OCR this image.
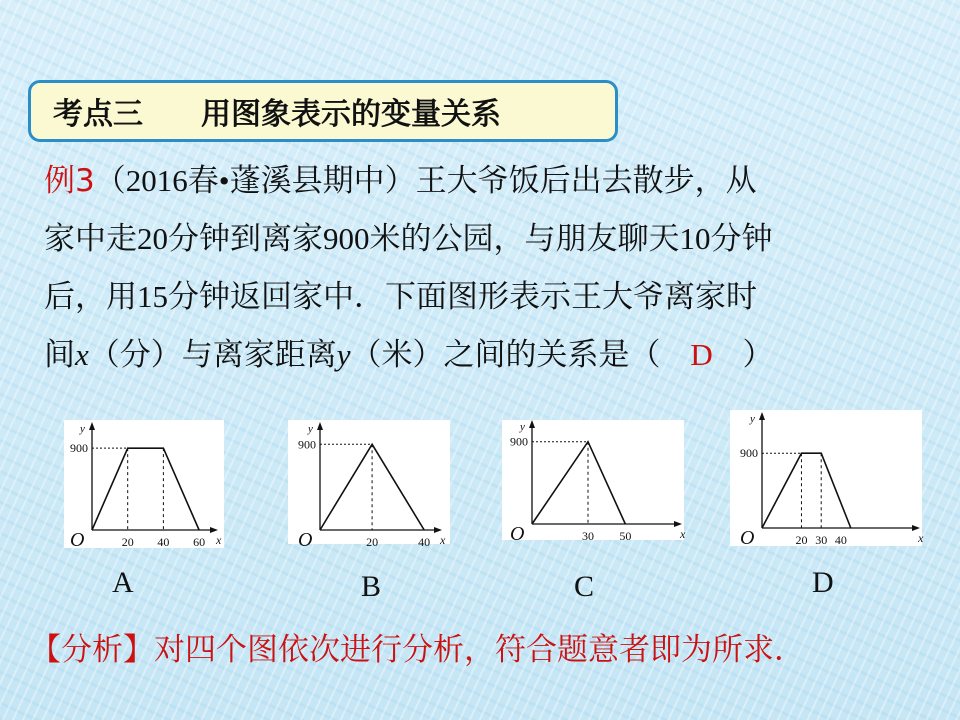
考点三 用图象表示的变量关系
例3（2016春•蓬溪县期中）王大爷饭后出去散步，从
家中走20分钟到离家900米的公园，与朋友聊天10分钟
后，用15分钟返回家中．下面图形表示王大爷离家时
间x（分）与离家距离y（米）之间的关系是（ D ）
y
x
O
900
20 40 60
y
x
O
900
20	40
y
x
O
900
30 50
y
x
O
900
20 30 40
A	B	C	D
【分析】对四个图依次进行分析，符合题意者即为所求．
